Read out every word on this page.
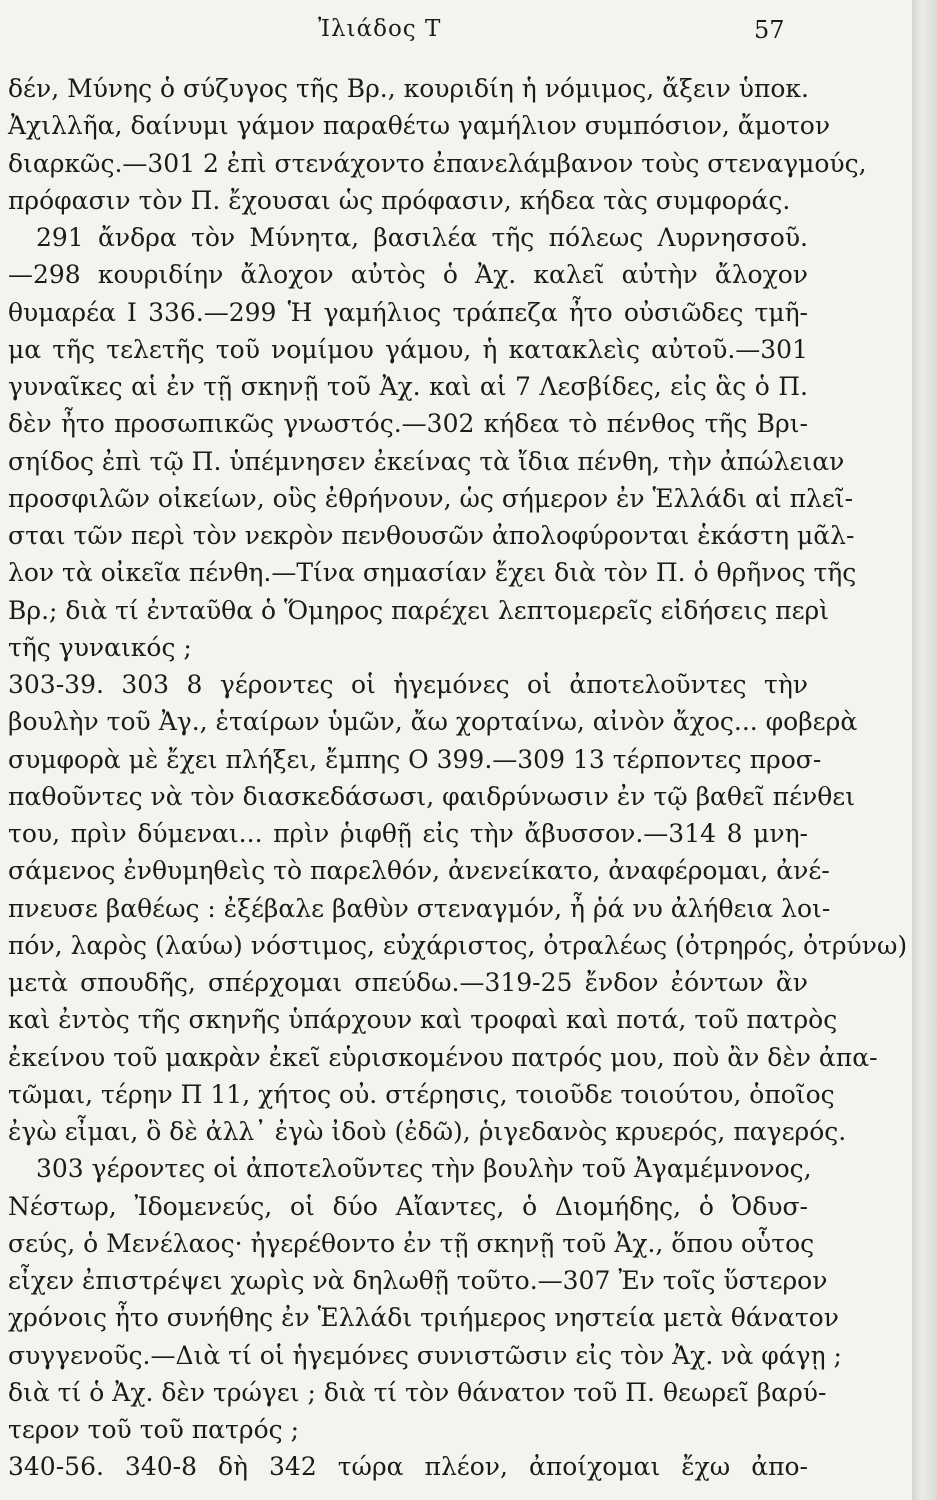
Ἰλιάδος Τ	57
δέν, Μύνης ὁ σύζυγος τῆς Βρ., κουριδίη ἡ νόμιμος, ἄξειν ὑποκ.
Ἀχιλλῆα, δαίνυμι γάμον παραθέτω γαμήλιον συμπόσιον, ἄμοτον
διαρκῶς.—301 2 ἐπὶ στενάχοντο ἐπανελάμβανον τοὺς στεναγμούς,
πρόφασιν τὸν Π. ἔχουσαι ὡς πρόφασιν, κήδεα τὰς συμφοράς.
291 ἄνδρα τὸν Μύνητα, βασιλέα τῆς πόλεως Λυρνησσοῦ.
—298 κουριδίην ἄλοχον αὐτὸς ὁ Ἀχ. καλεῖ αὐτὴν ἄλοχον
θυμαρέα Ι 336.—299 Ἡ γαμήλιος τράπεζα ἦτο οὐσιῶδες τμῆ-
μα τῆς τελετῆς τοῦ νομίμου γάμου, ἡ κατακλεὶς αὐτοῦ.—301
γυναῖκες αἱ ἐν τῇ σκηνῇ τοῦ Ἀχ. καὶ αἱ 7 Λεσβίδες, εἰς ἃς ὁ Π.
δὲν ἦτο προσωπικῶς γνωστός.—302 κήδεα τὸ πένθος τῆς Βρι-
σηίδος ἐπὶ τῷ Π. ὑπέμνησεν ἐκείνας τὰ ἴδια πένθη, τὴν ἀπώλειαν
προσφιλῶν οἰκείων, οὓς ἐθρήνουν, ὡς σήμερον ἐν Ἑλλάδι αἱ πλεῖ-
σται τῶν περὶ τὸν νεκρὸν πενθουσῶν ἀπολοφύρονται ἑκάστη μᾶλ-
λον τὰ οἰκεῖα πένθη.—Τίνα σημασίαν ἔχει διὰ τὸν Π. ὁ θρῆνος τῆς
Βρ.; διὰ τί ἐνταῦθα ὁ Ὅμηρος παρέχει λεπτομερεῖς εἰδήσεις περὶ
τῆς γυναικός ;
303-39. 303 8 γέροντες οἱ ἡγεμόνες οἱ ἀποτελοῦντες τὴν
βουλὴν τοῦ Ἀγ., ἑταίρων ὑμῶν, ἄω χορταίνω, αἰνὸν ἄχος... φοβερὰ
συμφορὰ μὲ ἔχει πλήξει, ἔμπης Ο 399.—309 13 τέρποντες προσ-
παθοῦντες νὰ τὸν διασκεδάσωσι, φαιδρύνωσιν ἐν τῷ βαθεῖ πένθει
του, πρὶν δύμεναι... πρὶν ῥιφθῇ εἰς τὴν ἄβυσσον.—314 8 μνη-
σάμενος ἐνθυμηθεὶς τὸ παρελθόν, ἀνενείκατο, ἀναφέρομαι, ἀνέ-
πνευσε βαθέως : ἐξέβαλε βαθὺν στεναγμόν, ἦ ῥά νυ ἀλήθεια λοι-
πόν, λαρὸς (λαύω) νόστιμος, εὐχάριστος, ὀτραλέως (ὀτρηρός, ὀτρύνω)
μετὰ σπουδῆς, σπέρχομαι σπεύδω.—319-25 ἔνδον ἐόντων ἂν
καὶ ἐντὸς τῆς σκηνῆς ὑπάρχουν καὶ τροφαὶ καὶ ποτά, τοῦ πατρὸς
ἐκείνου τοῦ μακρὰν ἐκεῖ εὑρισκομένου πατρός μου, ποὺ ἂν δὲν ἀπα-
τῶμαι, τέρην Π 11, χήτος οὐ. στέρησις, τοιοῦδε τοιούτου, ὁποῖος
ἐγὼ εἶμαι, ὃ δὲ ἀλλ᾽ ἐγὼ ἰδοὺ (ἐδῶ), ῥιγεδανὸς κρυερός, παγερός.
303 γέροντες οἱ ἀποτελοῦντες τὴν βουλὴν τοῦ Ἀγαμέμνονος,
Νέστωρ, Ἰδομενεύς, οἱ δύο Αἴαντες, ὁ Διομήδης, ὁ Ὀδυσ-
σεύς, ὁ Μενέλαος· ἠγερέθοντο ἐν τῇ σκηνῇ τοῦ Ἀχ., ὅπου οὗτος
εἶχεν ἐπιστρέψει χωρὶς νὰ δηλωθῇ τοῦτο.—307 Ἐν τοῖς ὕστερον
χρόνοις ἦτο συνήθης ἐν Ἑλλάδι τριήμερος νηστεία μετὰ θάνατον
συγγενοῦς.—Διὰ τί οἱ ἡγεμόνες συνιστῶσιν εἰς τὸν Ἀχ. νὰ φάγῃ ;
διὰ τί ὁ Ἀχ. δὲν τρώγει ; διὰ τί τὸν θάνατον τοῦ Π. θεωρεῖ βαρύ-
τερον τοῦ τοῦ πατρός ;
340-56. 340-8 δὴ 342 τώρα πλέον, ἀποίχομαι ἔχω ἀπο-
